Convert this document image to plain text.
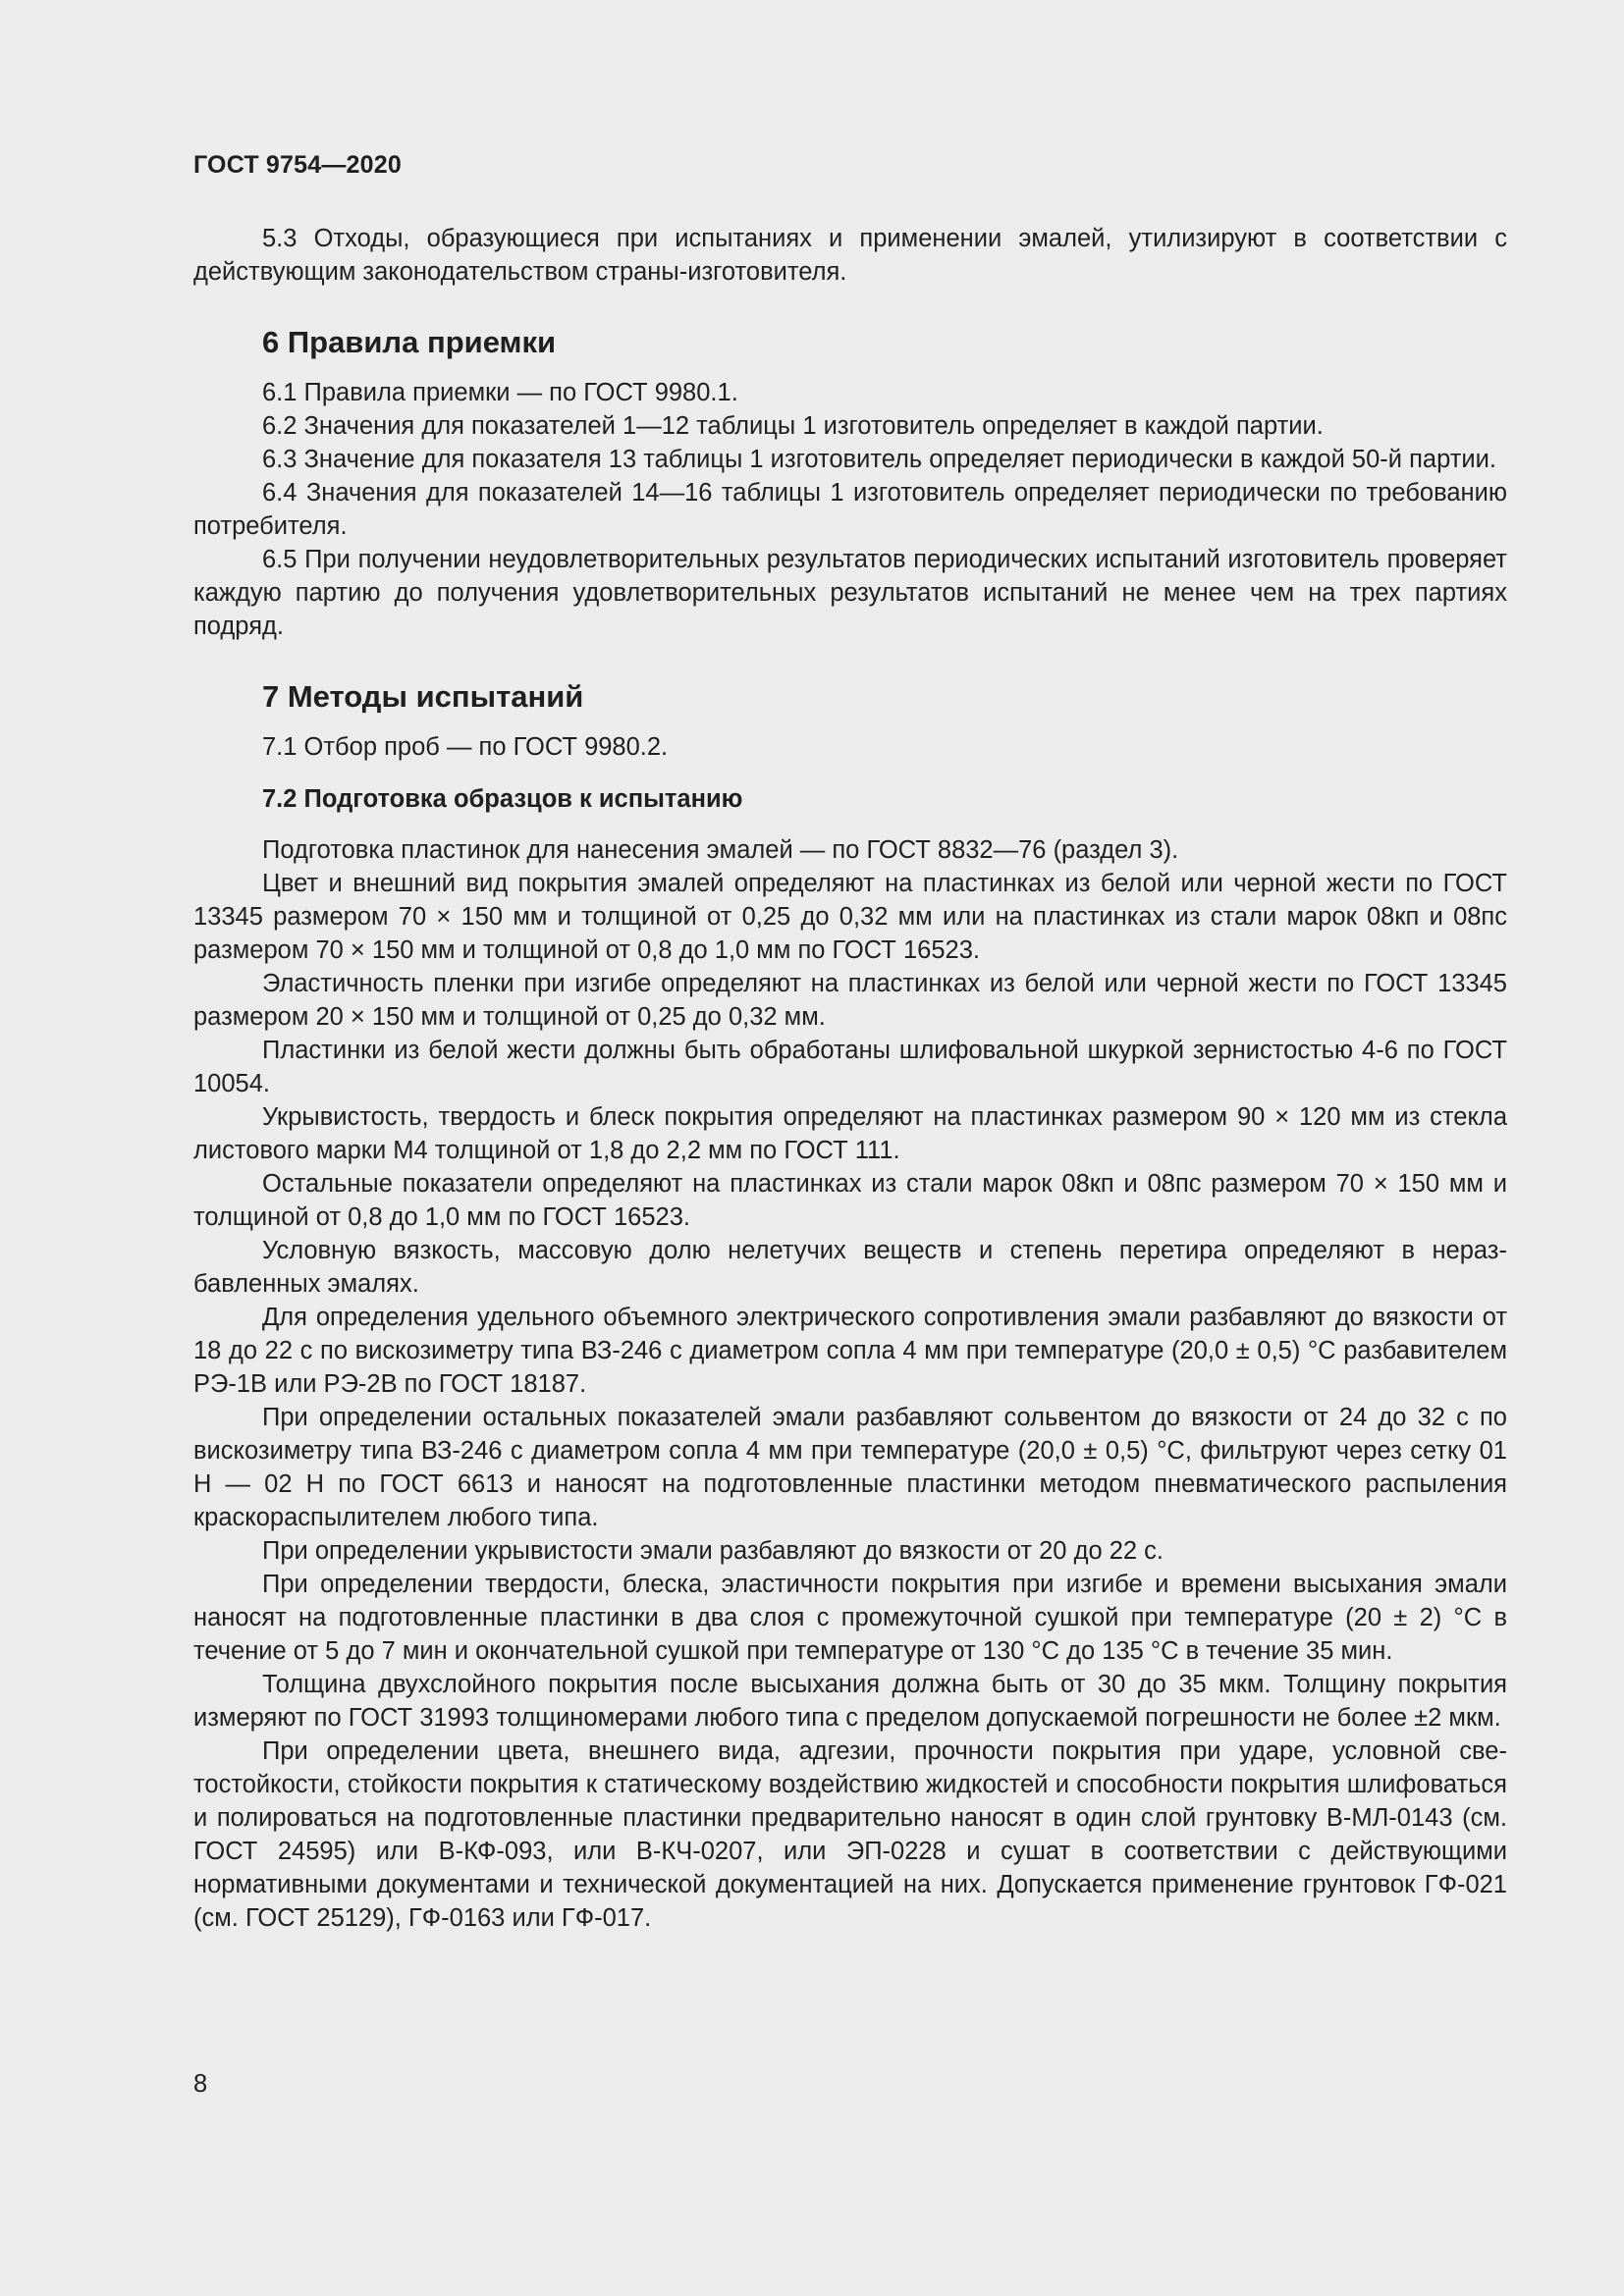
ГОСТ 9754—2020

5.3 Отходы, образующиеся при испытаниях и применении эмалей, утилизируют в соответствии с действующим законодательством страны-изготовителя.

6 Правила приемки

6.1 Правила приемки — по ГОСТ 9980.1.

6.2 Значения для показателей 1—12 таблицы 1 изготовитель определяет в каждой партии.

6.3 Значение для показателя 13 таблицы 1 изготовитель определяет периодически в каждой 50-й партии.

6.4 Значения для показателей 14—16 таблицы 1 изготовитель определяет периодически по требованию потребителя.

6.5 При получении неудовлетворительных результатов периодических испытаний изготовитель проверяет каждую партию до получения удовлетворительных результатов испытаний не менее чем на трех партиях подряд.

7 Методы испытаний

7.1 Отбор проб — по ГОСТ 9980.2.

7.2 Подготовка образцов к испытанию

Подготовка пластинок для нанесения эмалей — по ГОСТ 8832—76 (раздел 3).

Цвет и внешний вид покрытия эмалей определяют на пластинках из белой или черной жести по ГОСТ 13345 размером 70 × 150 мм и толщиной от 0,25 до 0,32 мм или на пластинках из стали марок 08кп и 08пс размером 70 × 150 мм и толщиной от 0,8 до 1,0 мм по ГОСТ 16523.

Эластичность пленки при изгибе определяют на пластинках из белой или черной жести по ГОСТ 13345 размером 20 × 150 мм и толщиной от 0,25 до 0,32 мм.

Пластинки из белой жести должны быть обработаны шлифовальной шкуркой зернистостью 4-6 по ГОСТ 10054.

Укрывистость, твердость и блеск покрытия определяют на пластинках размером 90 × 120 мм из стекла листового марки М4 толщиной от 1,8 до 2,2 мм по ГОСТ 111.

Остальные показатели определяют на пластинках из стали марок 08кп и 08пс размером 70 × 150 мм и толщиной от 0,8 до 1,0 мм по ГОСТ 16523.

Условную вязкость, массовую долю нелетучих веществ и степень перетира определяют в неразбавленных эмалях.

Для определения удельного объемного электрического сопротивления эмали разбавляют до вязкости от 18 до 22 с по вискозиметру типа ВЗ-246 с диаметром сопла 4 мм при температуре (20,0 ± 0,5) °С разбавителем РЭ-1В или РЭ-2В по ГОСТ 18187.

При определении остальных показателей эмали разбавляют сольвентом до вязкости от 24 до 32 с по вискозиметру типа ВЗ-246 с диаметром сопла 4 мм при температуре (20,0 ± 0,5) °С, фильтруют через сетку 01 Н — 02 Н по ГОСТ 6613 и наносят на подготовленные пластинки методом пневматического распыления краскораспылителем любого типа.

При определении укрывистости эмали разбавляют до вязкости от 20 до 22 с.

При определении твердости, блеска, эластичности покрытия при изгибе и времени высыхания эмали наносят на подготовленные пластинки в два слоя с промежуточной сушкой при температуре (20 ± 2) °С в течение от 5 до 7 мин и окончательной сушкой при температуре от 130 °С до 135 °С в течение 35 мин.

Толщина двухслойного покрытия после высыхания должна быть от 30 до 35 мкм. Толщину покрытия измеряют по ГОСТ 31993 толщиномерами любого типа с пределом допускаемой погрешности не более ±2 мкм.

При определении цвета, внешнего вида, адгезии, прочности покрытия при ударе, условной светостойкости, стойкости покрытия к статическому воздействию жидкостей и способности покрытия шлифоваться и полироваться на подготовленные пластинки предварительно наносят в один слой грунтовку В-МЛ-0143 (см. ГОСТ 24595) или В-КФ-093, или В-КЧ-0207, или ЭП-0228 и сушат в соответствии с действующими нормативными документами и технической документацией на них. Допускается применение грунтовок ГФ-021 (см. ГОСТ 25129), ГФ-0163 или ГФ-017.

8
